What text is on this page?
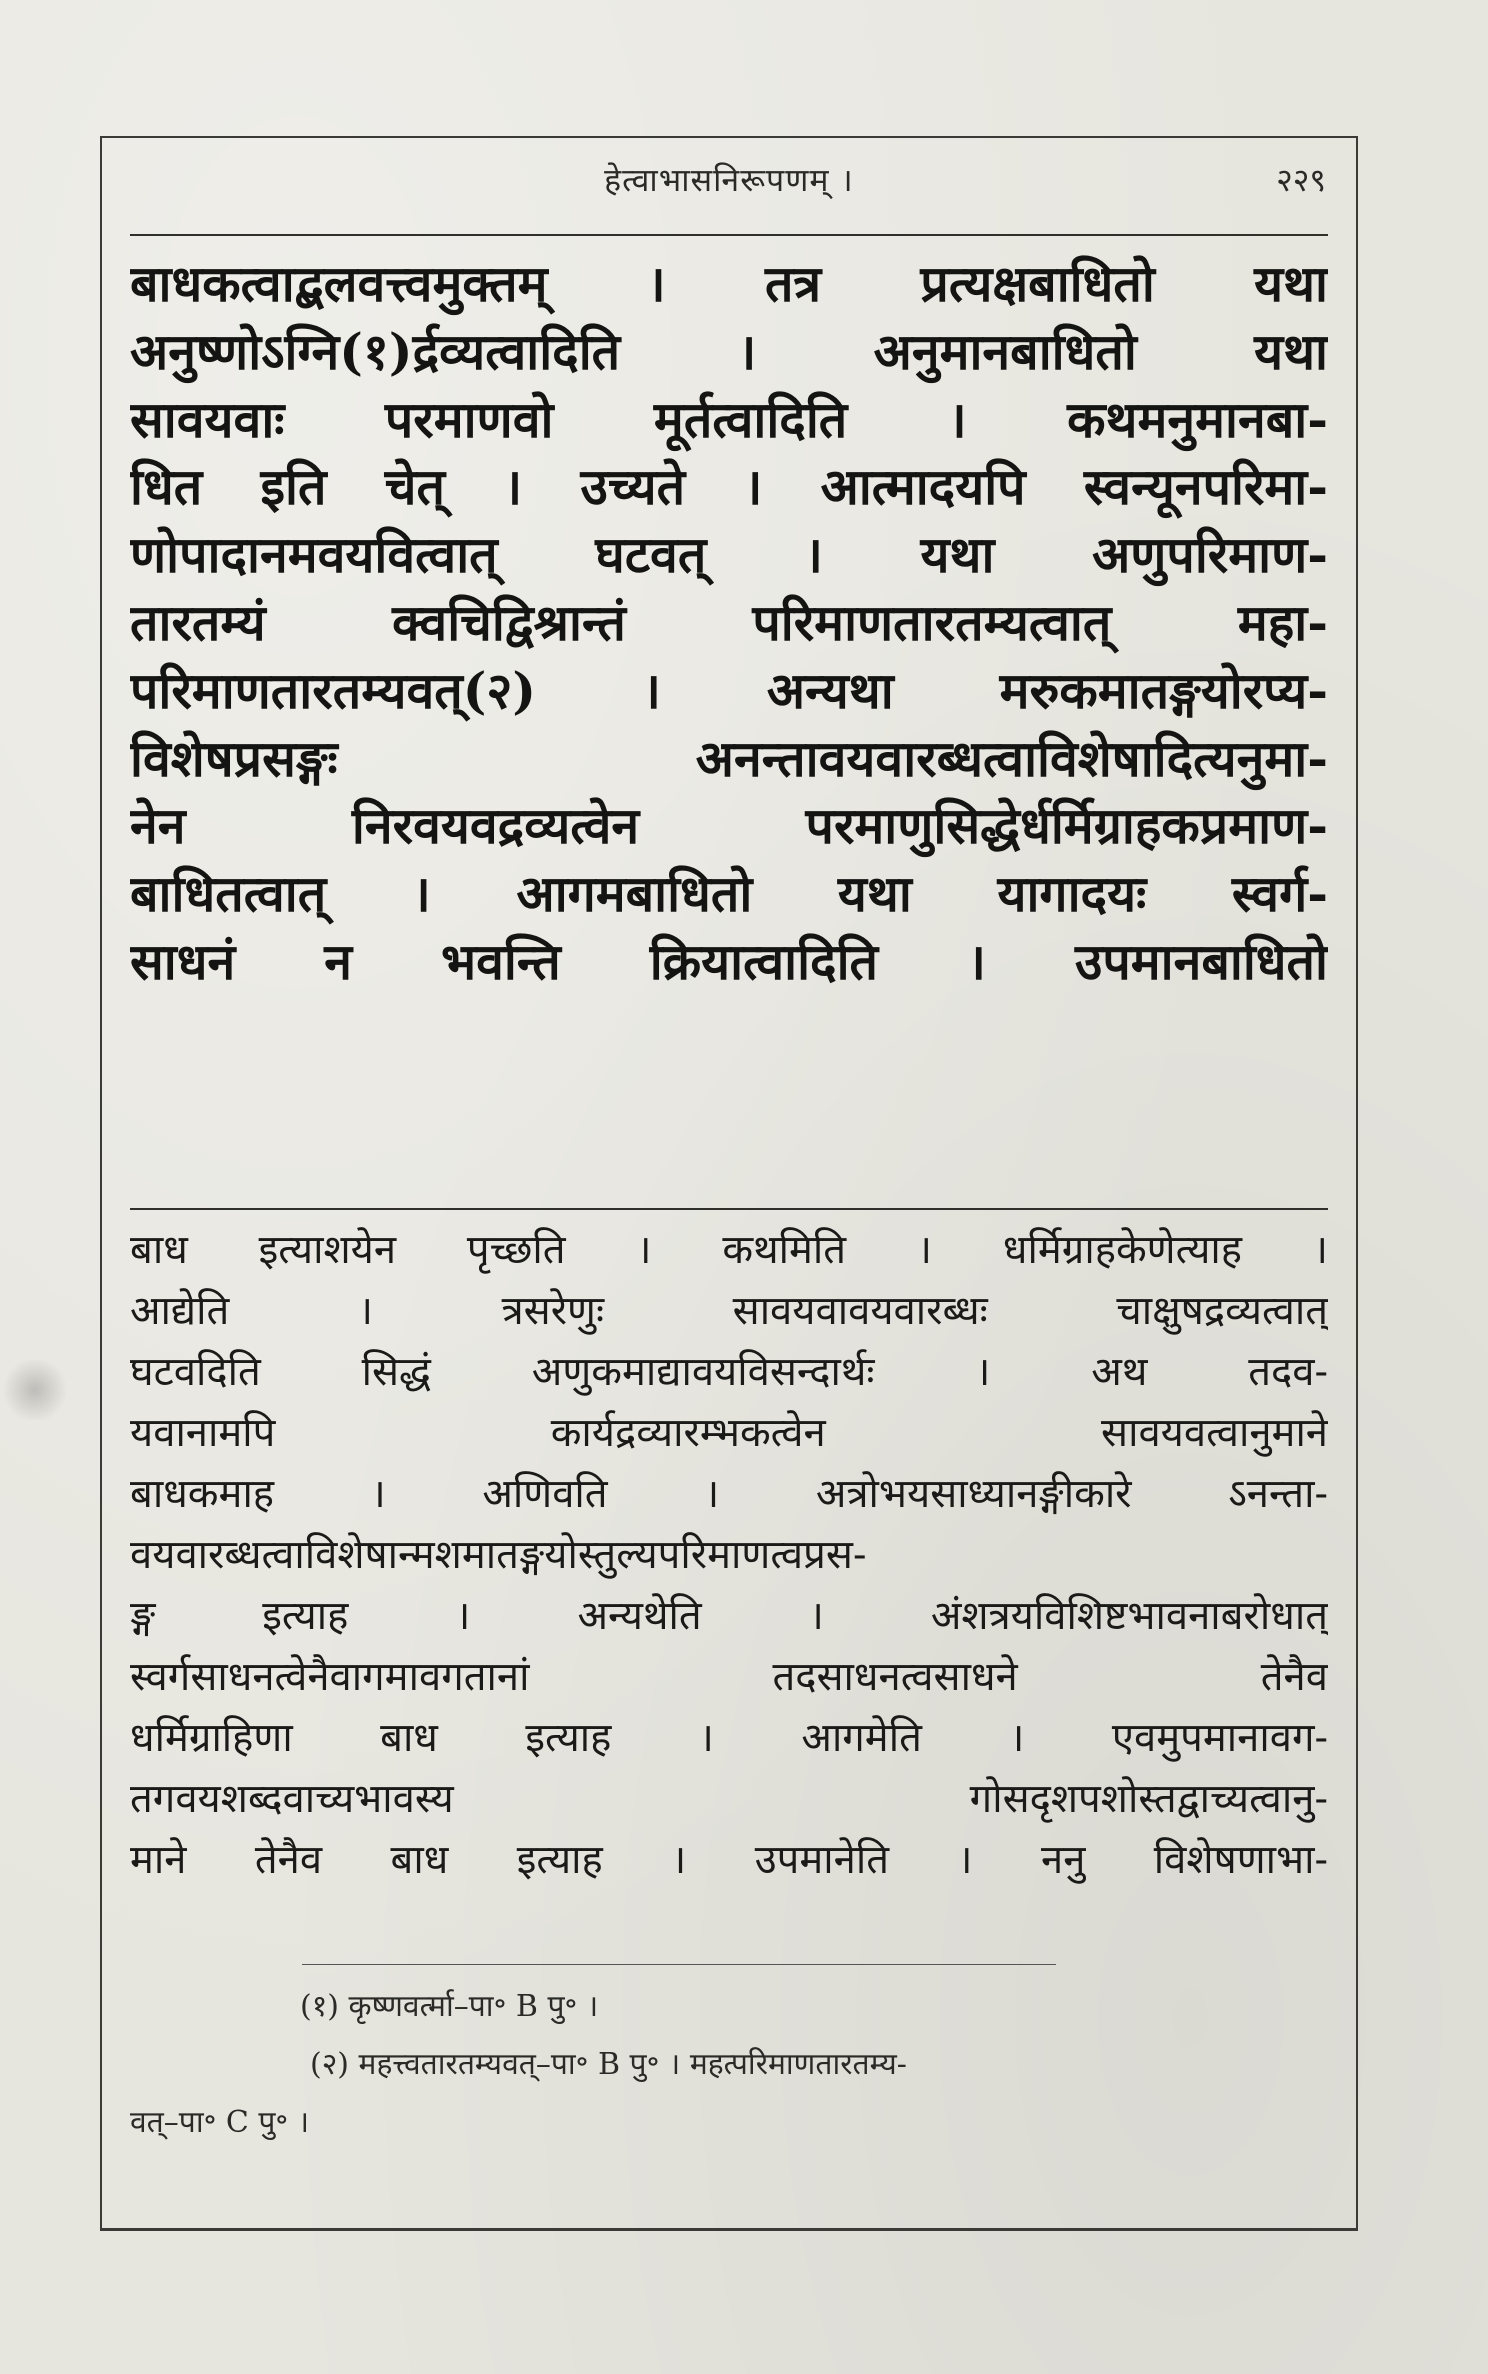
हेत्वाभासनिरूपणम् ।	२२९
बाधकत्वाद्बलवत्त्वमुक्तम् । तत्र प्रत्यक्षबाधितो यथा
अनुष्णोऽग्नि(१)र्द्रव्यत्वादिति । अनुमानबाधितो यथा
सावयवाः परमाणवो मूर्तत्वादिति । कथमनुमानबा-
धित इति चेत् । उच्यते । आत्मादयपि स्वन्यूनपरिमा-
णोपादानमवयवित्वात् घटवत् । यथा अणुपरिमाण-
तारतम्यं क्वचिद्विश्रान्तं परिमाणतारतम्यत्वात् महा-
परिमाणतारतम्यवत्(२) । अन्यथा मरुकमातङ्गयोरप्य-
विशेषप्रसङ्गः अनन्तावयवारब्धत्वाविशेषादित्यनुमा-
नेन निरवयवद्रव्यत्वेन परमाणुसिद्धेर्धर्मिग्राहकप्रमाण-
बाधितत्वात् । आगमबाधितो यथा यागादयः स्वर्ग-
साधनं न भवन्ति क्रियात्वादिति । उपमानबाधितो
बाध इत्याशयेन पृच्छति । कथमिति । धर्मिग्राहकेणेत्याह ।
आद्येति । त्रसरेणुः सावयवावयवारब्धः चाक्षुषद्रव्यत्वात्
घटवदिति सिद्धं अणुकमाद्यावयविसन्दार्थः । अथ तदव-
यवानामपि कार्यद्रव्यारम्भकत्वेन सावयवत्वानुमाने
बाधकमाह । अणिवति । अत्रोभयसाध्यानङ्गीकारे ऽनन्ता-
वयवारब्धत्वाविशेषान्मशमातङ्गयोस्तुल्यपरिमाणत्वप्रस-
ङ्ग इत्याह । अन्यथेति । अंशत्रयविशिष्टभावनाबरोधात्
स्वर्गसाधनत्वेनैवागमावगतानां तदसाधनत्वसाधने तेनैव
धर्मिग्राहिणा बाध इत्याह । आगमेति । एवमुपमानावग-
तगवयशब्दवाच्यभावस्य गोसदृशपशोस्तद्वाच्यत्वानु-
माने तेनैव बाध इत्याह । उपमानेति । ननु विशेषणाभा-
(१) कृष्णवर्त्मा–पा॰ B पु॰ ।
(२) महत्त्वतारतम्यवत्–पा॰ B पु॰ । महत्परिमाणतारतम्य-
वत्–पा॰ C पु॰ ।
